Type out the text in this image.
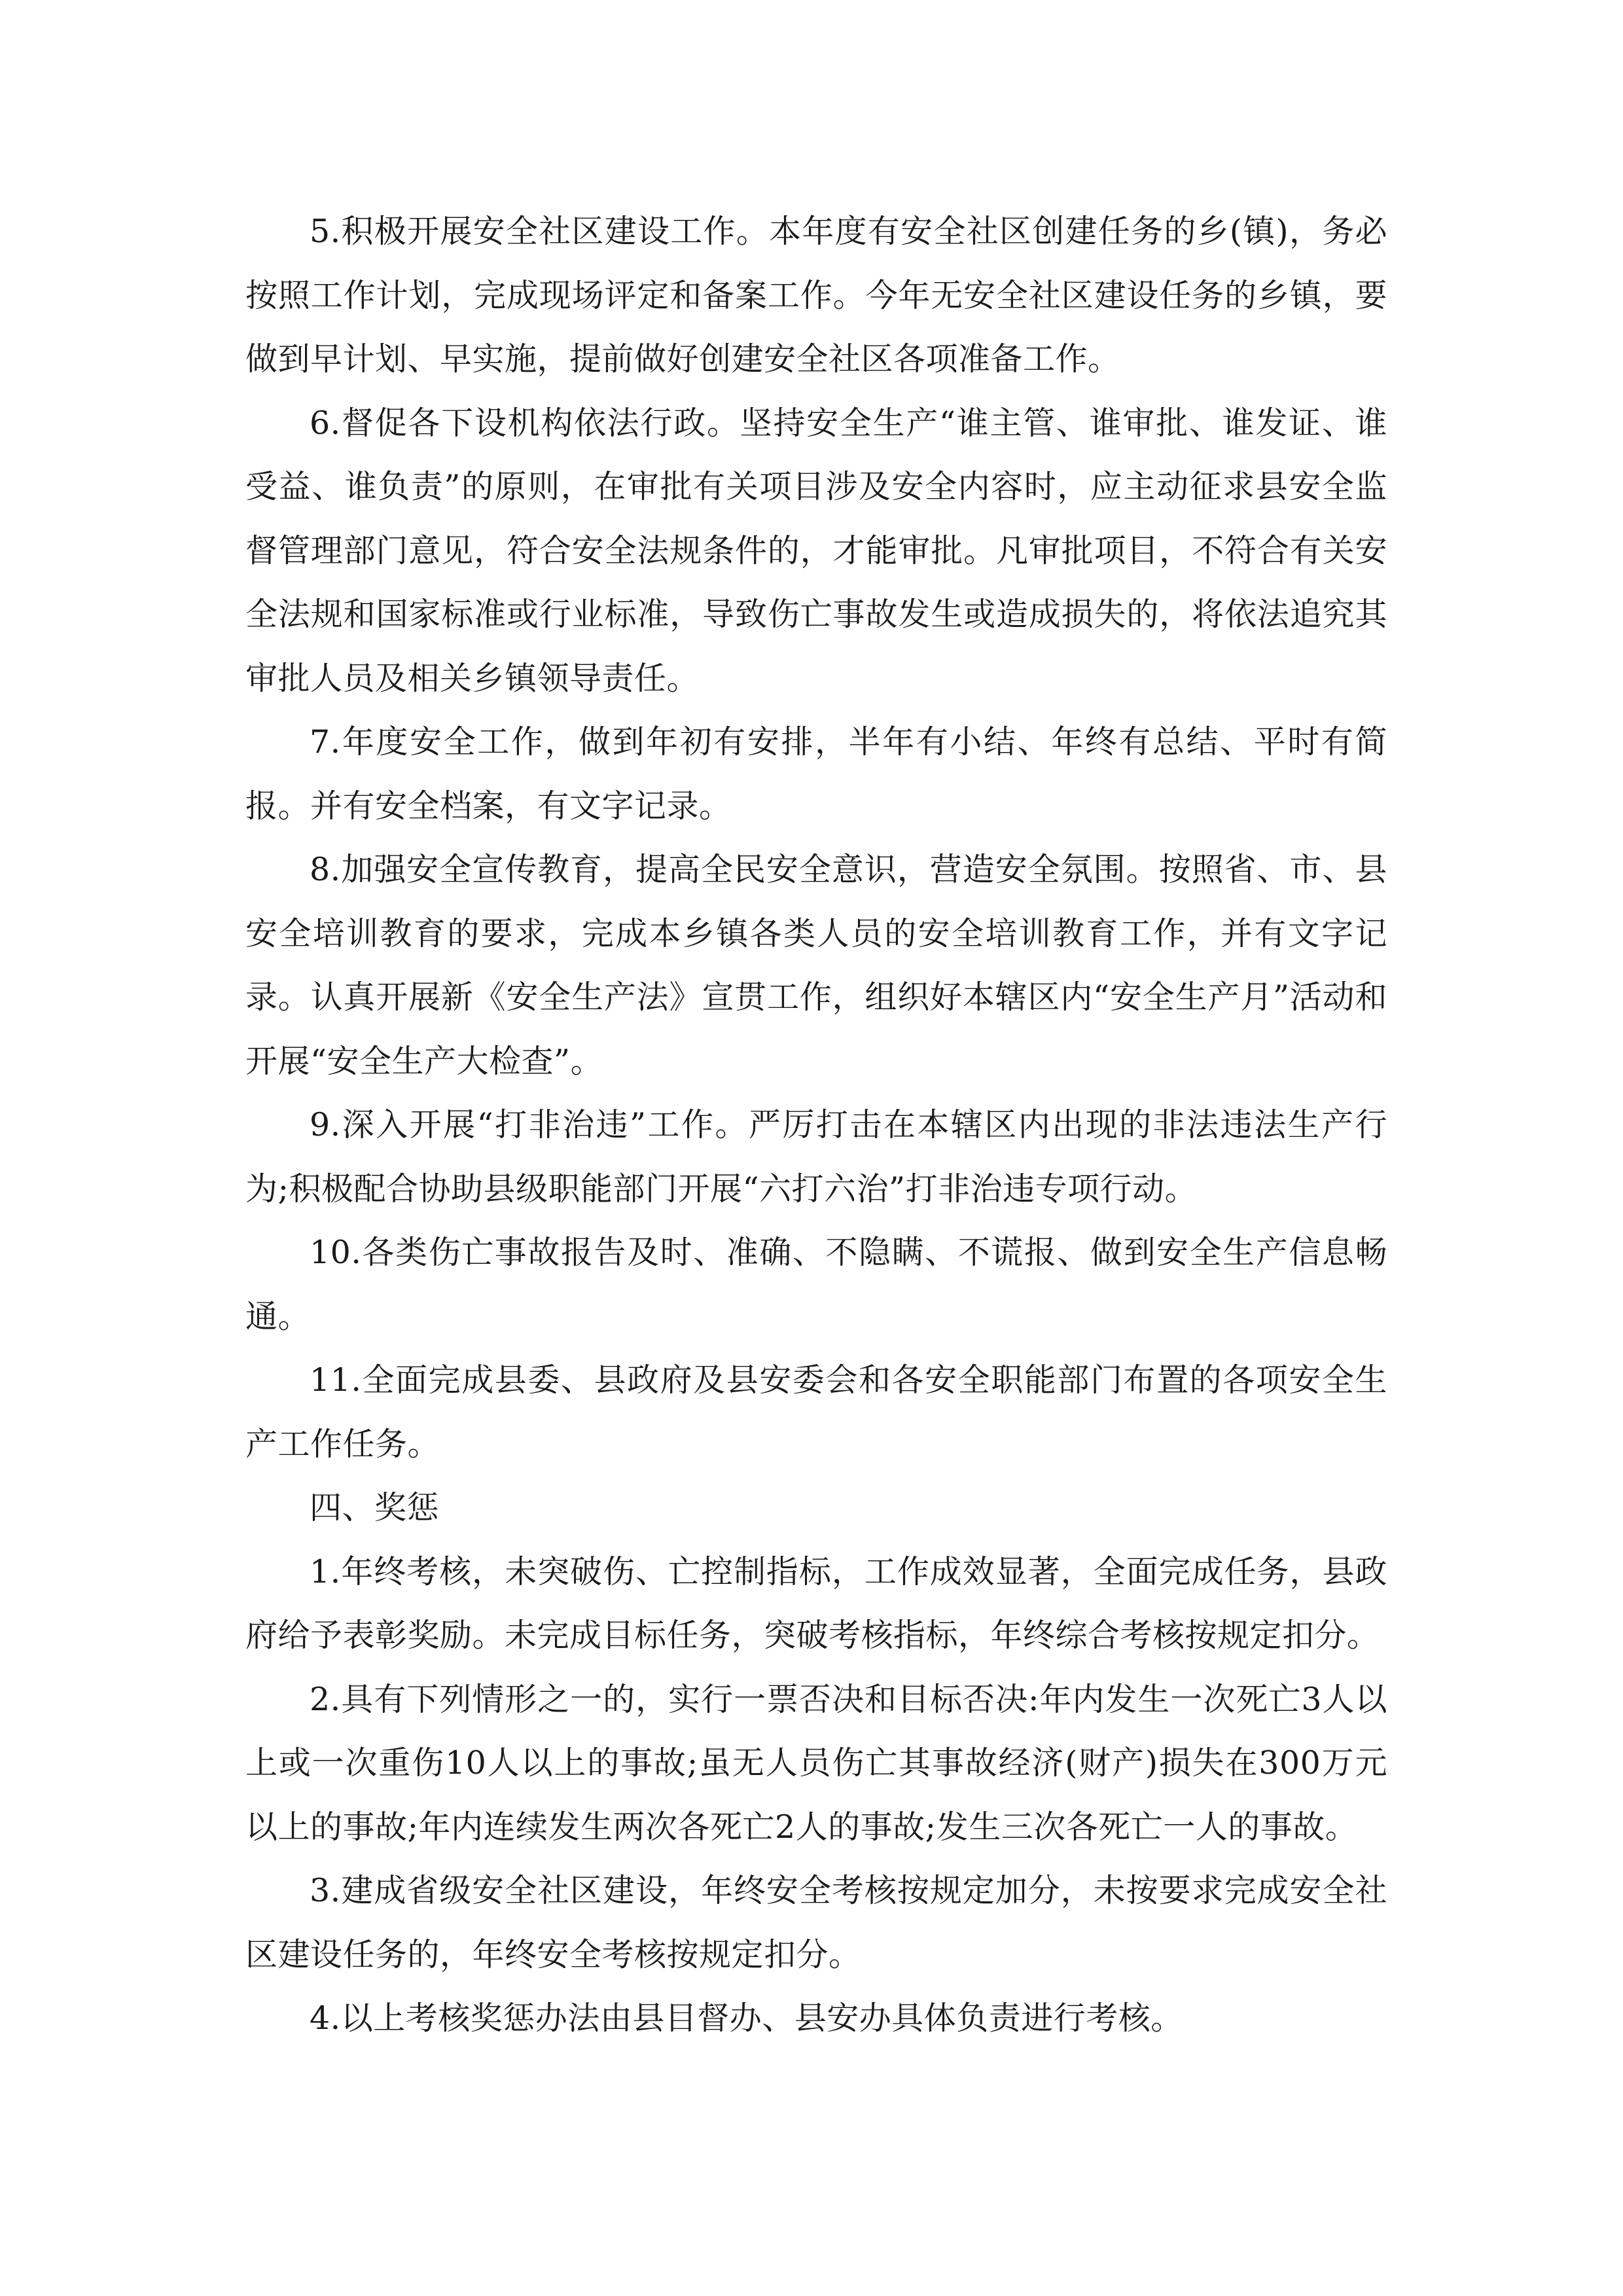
5.积极开展安全社区建设工作。本年度有安全社区创建任务的乡(镇)，务必按照工作计划，完成现场评定和备案工作。今年无安全社区建设任务的乡镇，要做到早计划、早实施，提前做好创建安全社区各项准备工作。

6.督促各下设机构依法行政。坚持安全生产“谁主管、谁审批、谁发证、谁受益、谁负责”的原则，在审批有关项目涉及安全内容时，应主动征求县安全监督管理部门意见，符合安全法规条件的，才能审批。凡审批项目，不符合有关安全法规和国家标准或行业标准，导致伤亡事故发生或造成损失的，将依法追究其审批人员及相关乡镇领导责任。

7.年度安全工作，做到年初有安排，半年有小结、年终有总结、平时有简报。并有安全档案，有文字记录。

8.加强安全宣传教育，提高全民安全意识，营造安全氛围。按照省、市、县安全培训教育的要求，完成本乡镇各类人员的安全培训教育工作，并有文字记录。认真开展新《安全生产法》宣贯工作，组织好本辖区内“安全生产月”活动和开展“安全生产大检查”。

9.深入开展“打非治违”工作。严厉打击在本辖区内出现的非法违法生产行为;积极配合协助县级职能部门开展“六打六治”打非治违专项行动。

10.各类伤亡事故报告及时、准确、不隐瞒、不谎报、做到安全生产信息畅通。

11.全面完成县委、县政府及县安委会和各安全职能部门布置的各项安全生产工作任务。

四、奖惩

1.年终考核，未突破伤、亡控制指标，工作成效显著，全面完成任务，县政府给予表彰奖励。未完成目标任务，突破考核指标，年终综合考核按规定扣分。

2.具有下列情形之一的，实行一票否决和目标否决:年内发生一次死亡3人以上或一次重伤10人以上的事故;虽无人员伤亡其事故经济(财产)损失在300万元以上的事故;年内连续发生两次各死亡2人的事故;发生三次各死亡一人的事故。

3.建成省级安全社区建设，年终安全考核按规定加分，未按要求完成安全社区建设任务的，年终安全考核按规定扣分。

4.以上考核奖惩办法由县目督办、县安办具体负责进行考核。
